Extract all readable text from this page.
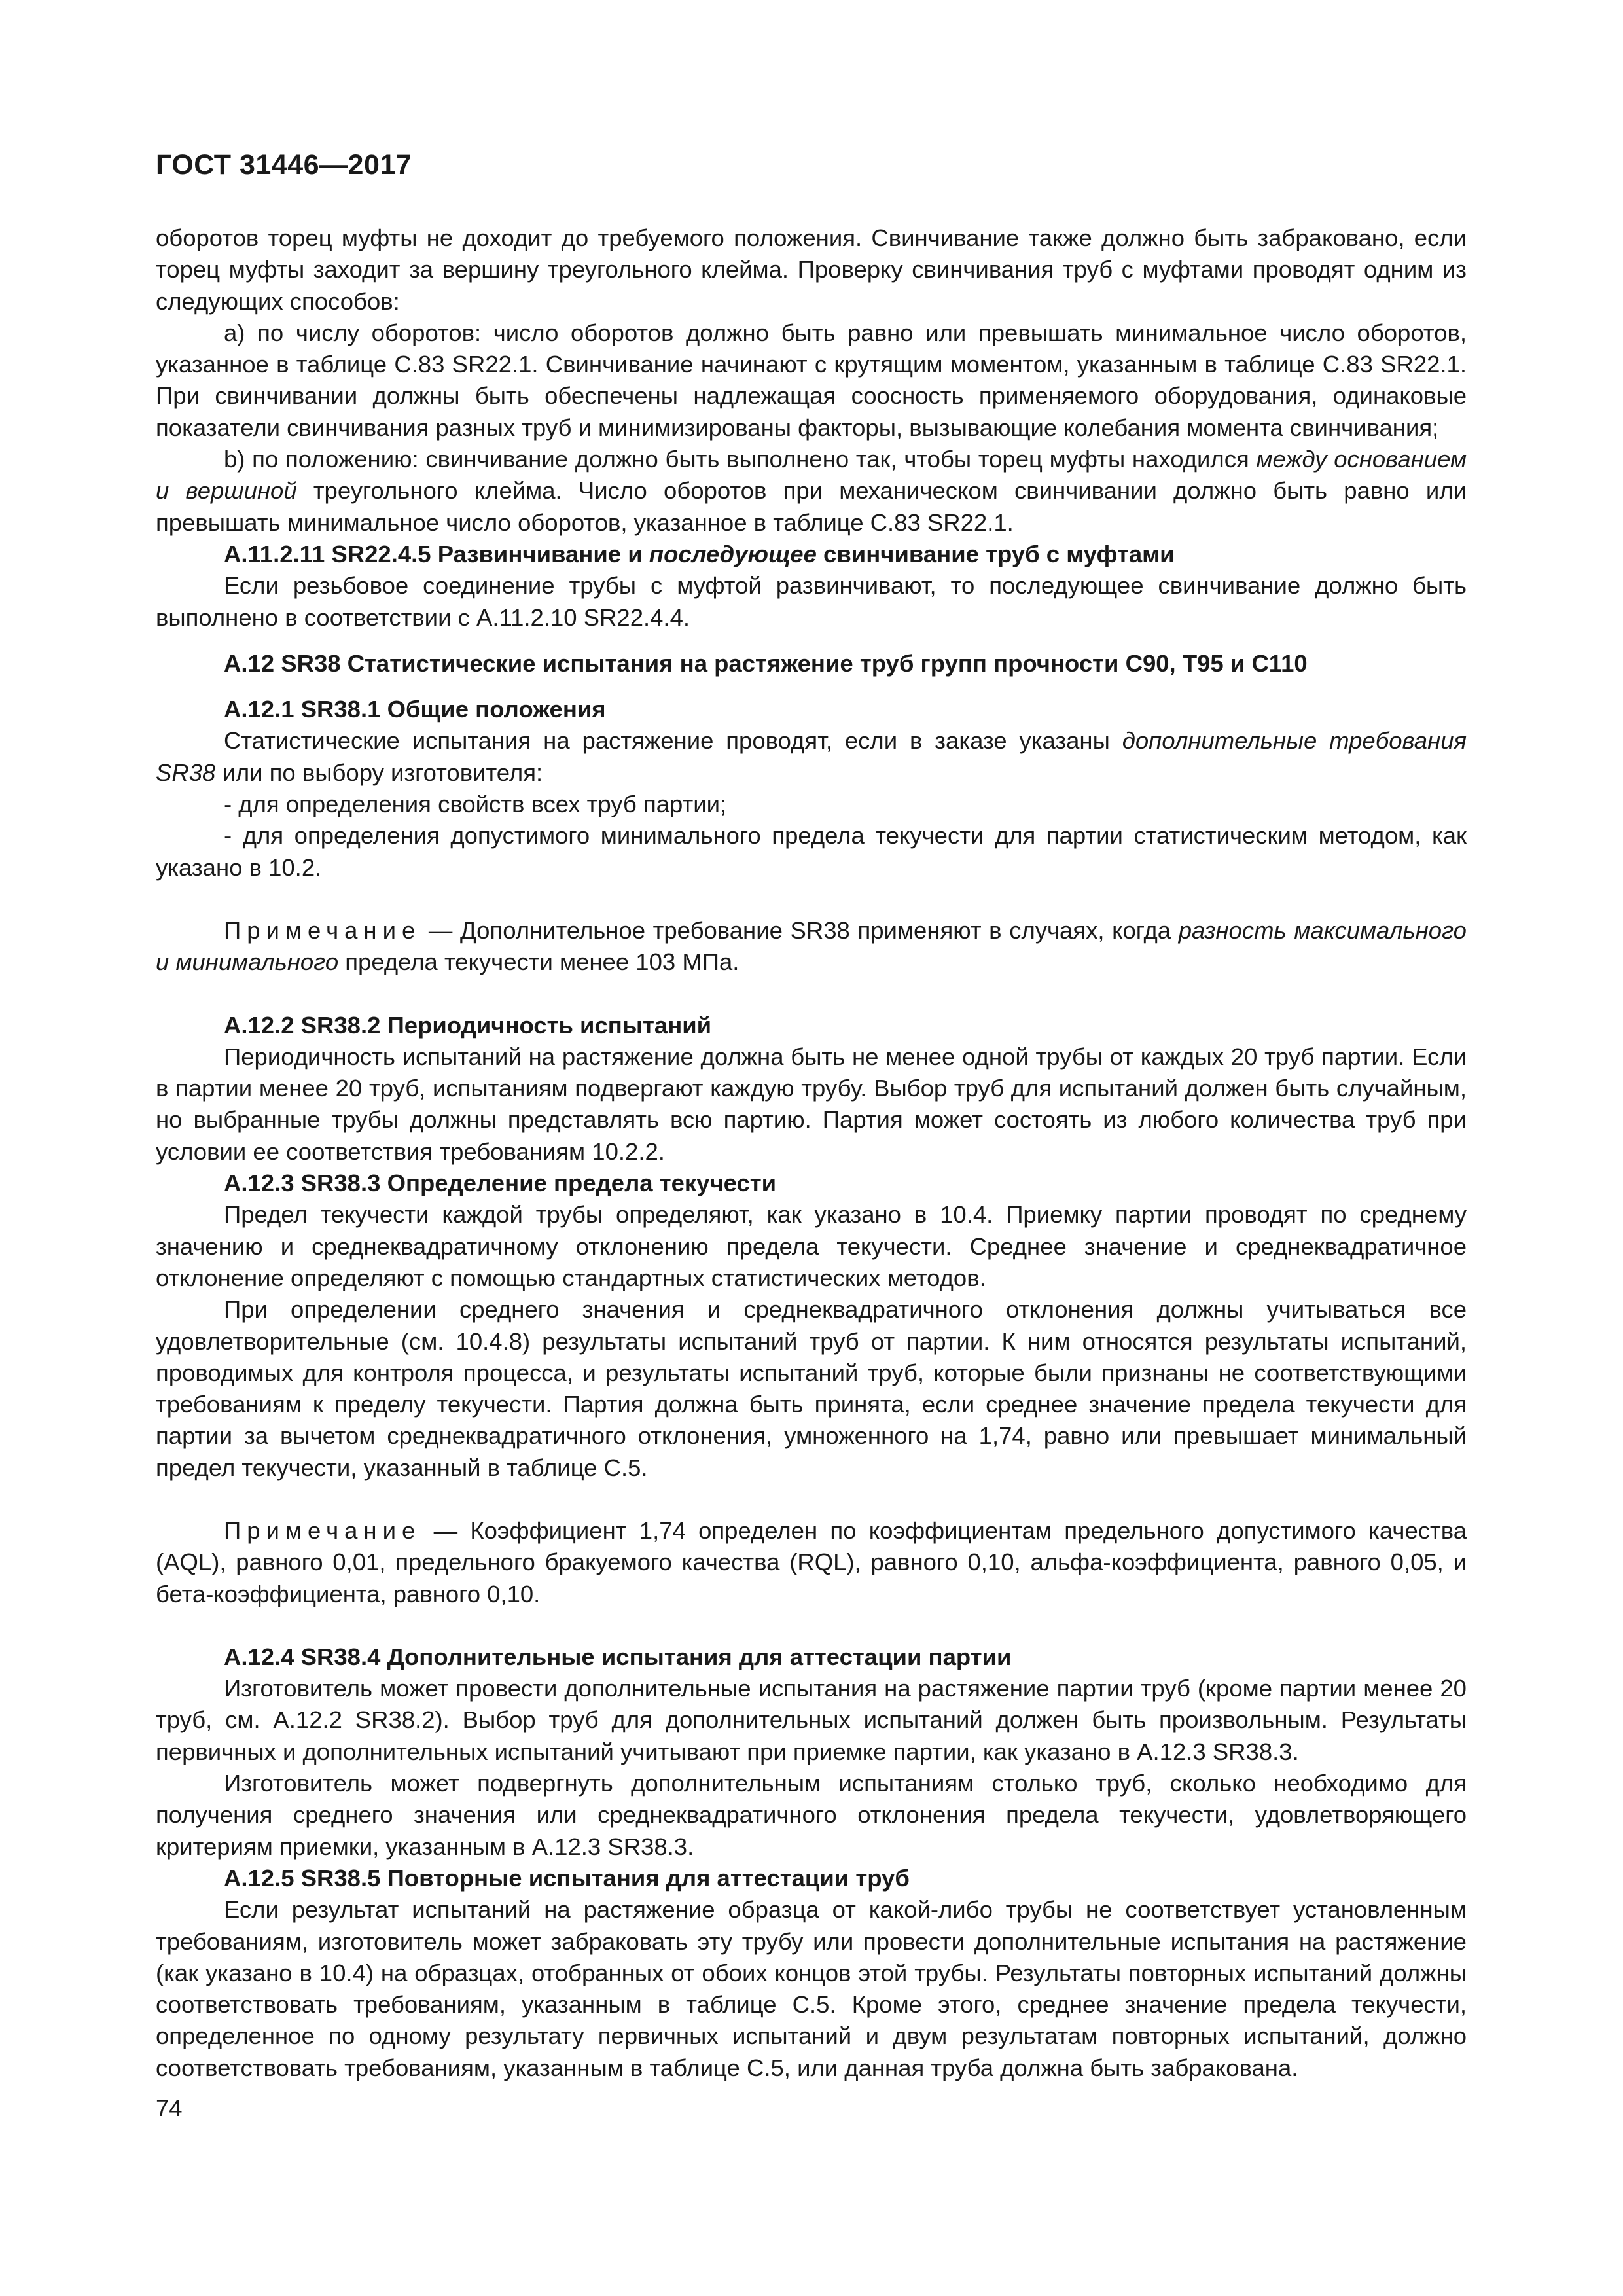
ГОСТ 31446—2017

оборотов торец муфты не доходит до требуемого положения. Свинчивание также должно быть забраковано, если торец муфты заходит за вершину треугольного клейма. Проверку свинчивания труб с муфтами проводят одним из следующих способов:

a) по числу оборотов: число оборотов должно быть равно или превышать минимальное число оборотов, указанное в таблице С.83 SR22.1. Свинчивание начинают с крутящим моментом, указанным в таблице С.83 SR22.1. При свинчивании должны быть обеспечены надлежащая соосность применяемого оборудования, одинаковые показатели свинчивания разных труб и минимизированы факторы, вызывающие колебания момента свинчивания;

b) по положению: свинчивание должно быть выполнено так, чтобы торец муфты находился между основанием и вершиной треугольного клейма. Число оборотов при механическом свинчивании должно быть равно или превышать минимальное число оборотов, указанное в таблице С.83 SR22.1.

А.11.2.11 SR22.4.5 Развинчивание и последующее свинчивание труб с муфтами

Если резьбовое соединение трубы с муфтой развинчивают, то последующее свинчивание должно быть выполнено в соответствии с А.11.2.10 SR22.4.4.

А.12 SR38 Статистические испытания на растяжение труб групп прочности С90, Т95 и С110

А.12.1 SR38.1 Общие положения

Статистические испытания на растяжение проводят, если в заказе указаны дополнительные требования SR38 или по выбору изготовителя:

- для определения свойств всех труб партии;

- для определения допустимого минимального предела текучести для партии статистическим методом, как указано в 10.2.

Примечание — Дополнительное требование SR38 применяют в случаях, когда разность максимального и минимального предела текучести менее 103 МПа.

А.12.2 SR38.2 Периодичность испытаний

Периодичность испытаний на растяжение должна быть не менее одной трубы от каждых 20 труб партии. Если в партии менее 20 труб, испытаниям подвергают каждую трубу. Выбор труб для испытаний должен быть случайным, но выбранные трубы должны представлять всю партию. Партия может состоять из любого количества труб при условии ее соответствия требованиям 10.2.2.

А.12.3 SR38.3 Определение предела текучести

Предел текучести каждой трубы определяют, как указано в 10.4. Приемку партии проводят по среднему значению и среднеквадратичному отклонению предела текучести. Среднее значение и среднеквадратичное отклонение определяют с помощью стандартных статистических методов.

При определении среднего значения и среднеквадратичного отклонения должны учитываться все удовлетворительные (см. 10.4.8) результаты испытаний труб от партии. К ним относятся результаты испытаний, проводимых для контроля процесса, и результаты испытаний труб, которые были признаны не соответствующими требованиям к пределу текучести. Партия должна быть принята, если среднее значение предела текучести для партии за вычетом среднеквадратичного отклонения, умноженного на 1,74, равно или превышает минимальный предел текучести, указанный в таблице С.5.

Примечание — Коэффициент 1,74 определен по коэффициентам предельного допустимого качества (AQL), равного 0,01, предельного бракуемого качества (RQL), равного 0,10, альфа-коэффициента, равного 0,05, и бета-коэффициента, равного 0,10.

А.12.4 SR38.4 Дополнительные испытания для аттестации партии

Изготовитель может провести дополнительные испытания на растяжение партии труб (кроме партии менее 20 труб, см. А.12.2 SR38.2). Выбор труб для дополнительных испытаний должен быть произвольным. Результаты первичных и дополнительных испытаний учитывают при приемке партии, как указано в А.12.3 SR38.3.

Изготовитель может подвергнуть дополнительным испытаниям столько труб, сколько необходимо для получения среднего значения или среднеквадратичного отклонения предела текучести, удовлетворяющего критериям приемки, указанным в А.12.3 SR38.3.

А.12.5 SR38.5 Повторные испытания для аттестации труб

Если результат испытаний на растяжение образца от какой-либо трубы не соответствует установленным требованиям, изготовитель может забраковать эту трубу или провести дополнительные испытания на растяжение (как указано в 10.4) на образцах, отобранных от обоих концов этой трубы. Результаты повторных испытаний должны соответствовать требованиям, указанным в таблице С.5. Кроме этого, среднее значение предела текучести, определенное по одному результату первичных испытаний и двум результатам повторных испытаний, должно соответствовать требованиям, указанным в таблице С.5, или данная труба должна быть забракована.

74
